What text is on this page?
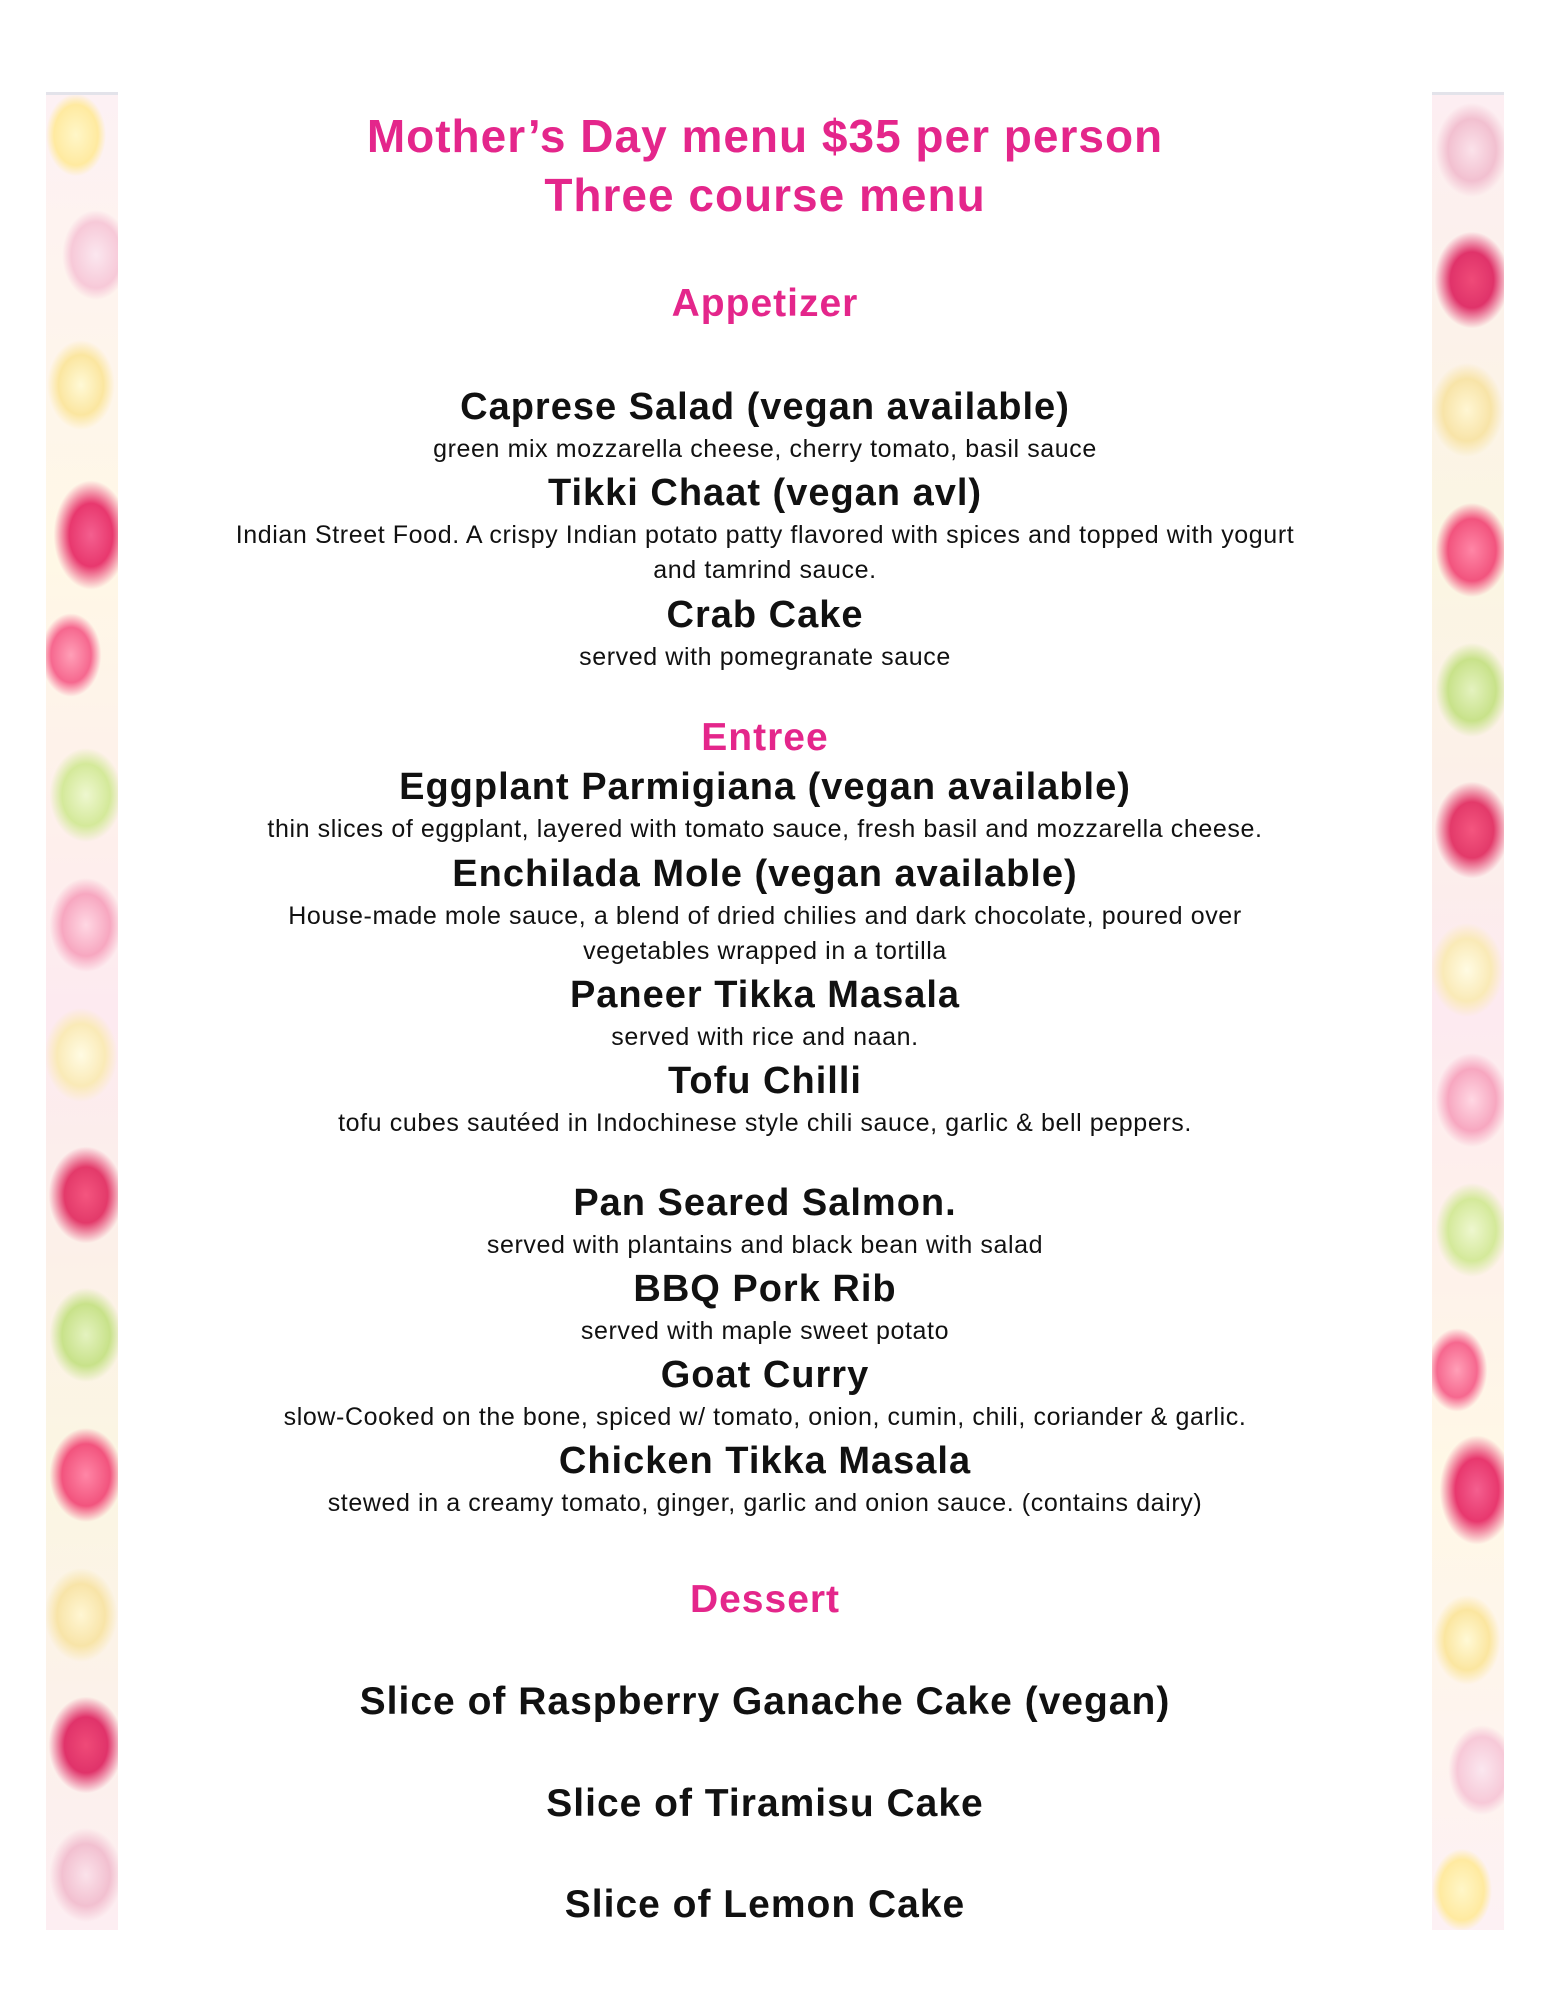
Mother’s Day menu $35 per person
Three course menu
Appetizer
Caprese Salad (vegan available)
green mix mozzarella cheese, cherry tomato, basil sauce
Tikki Chaat (vegan avl)
Indian Street Food. A crispy Indian potato patty flavored with spices and topped with yogurt
and tamrind sauce.
Crab Cake
served with pomegranate sauce
Entree
Eggplant Parmigiana (vegan available)
thin slices of eggplant, layered with tomato sauce, fresh basil and mozzarella cheese.
Enchilada Mole (vegan available)
House-made mole sauce, a blend of dried chilies and dark chocolate, poured over
vegetables wrapped in a tortilla
Paneer Tikka Masala
served with rice and naan.
Tofu Chilli
tofu cubes sautéed in Indochinese style chili sauce, garlic & bell peppers.
Pan Seared Salmon.
served with plantains and black bean with salad
BBQ Pork Rib
served with maple sweet potato
Goat Curry
slow-Cooked on the bone, spiced w/ tomato, onion, cumin, chili, coriander & garlic.
Chicken Tikka Masala
stewed in a creamy tomato, ginger, garlic and onion sauce. (contains dairy)
Dessert
Slice of Raspberry Ganache Cake (vegan)
Slice of Tiramisu Cake
Slice of Lemon Cake
